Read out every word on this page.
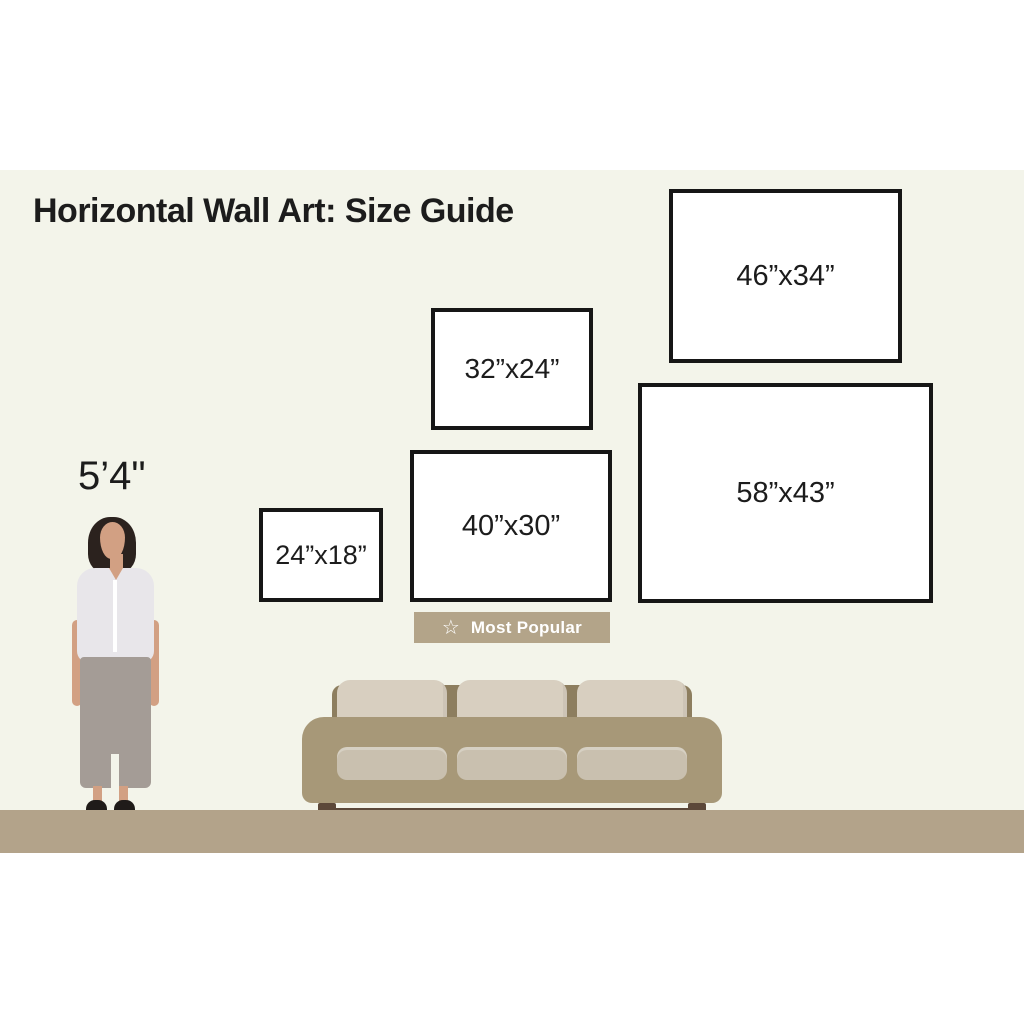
Horizontal Wall Art: Size Guide
46”x34”
32”x24”
58”x43”
40”x30”
24”x18”
☆ Most Popular
5’4"
